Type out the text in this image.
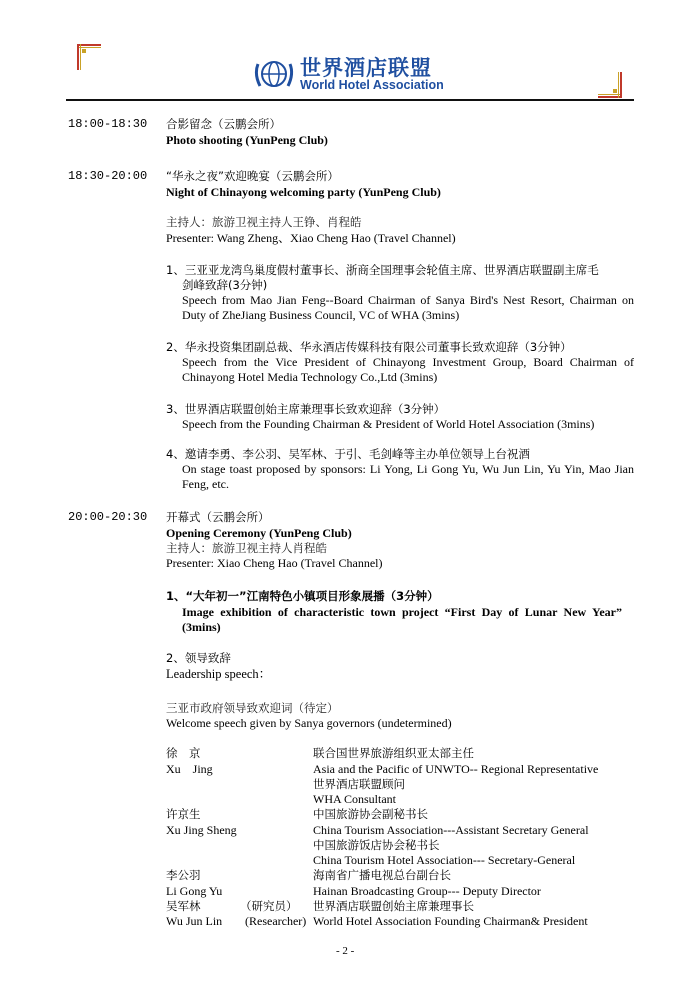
世界酒店联盟
World Hotel Association
18:00-18:30 合影留念（云鹏会所）
Photo shooting (YunPeng Club)
18:30-20:00 “华永之夜”欢迎晚宴（云鹏会所）
Night of Chinayong welcoming party (YunPeng Club)
主持人：旅游卫视主持人王铮、肖程皓
Presenter: Wang Zheng、Xiao Cheng Hao (Travel Channel)
1、三亚亚龙湾鸟巢度假村董事长、浙商全国理事会轮值主席、世界酒店联盟副主席毛
剑峰致辞(3分钟)
Speech from Mao Jian Feng--Board Chairman of Sanya Bird's Nest Resort, Chairman on Duty of ZheJiang Business Council, VC of WHA (3mins)
2、华永投资集团副总裁、华永酒店传媒科技有限公司董事长致欢迎辞（3分钟）
Speech from the Vice President of Chinayong Investment Group, Board Chairman of Chinayong Hotel Media Technology Co.,Ltd (3mins)
3、世界酒店联盟创始主席兼理事长致欢迎辞（3分钟）
Speech from the Founding Chairman & President of World Hotel Association (3mins)
4、邀请李勇、李公羽、吴军林、于引、毛剑峰等主办单位领导上台祝酒
On stage toast proposed by sponsors: Li Yong, Li Gong Yu, Wu Jun Lin, Yu Yin, Mao Jian Feng, etc.
20:00-20:30 开幕式（云鹏会所）
Opening Ceremony (YunPeng Club)
主持人：旅游卫视主持人肖程皓
Presenter: Xiao Cheng Hao (Travel Channel)
1、“大年初一”江南特色小镇项目形象展播（3分钟）
Image exhibition of characteristic town project “First Day of Lunar New Year” (3mins)
2、领导致辞
Leadership speech：
三亚市政府领导致欢迎词（待定）
Welcome speech given by Sanya governors (undetermined)
徐　京
Xu　Jing
联合国世界旅游组织亚太部主任
Asia and the Pacific of UNWTO-- Regional Representative
世界酒店联盟顾问
WHA Consultant
许京生
Xu Jing Sheng
中国旅游协会副秘书长
China Tourism Association---Assistant Secretary General
中国旅游饭店协会秘书长
China Tourism Hotel Association--- Secretary-General
李公羽
Li Gong Yu
海南省广播电视总台副台长
Hainan Broadcasting Group--- Deputy Director
吴军林	（研究员）
Wu Jun Lin (Researcher)
世界酒店联盟创始主席兼理事长
World Hotel Association Founding Chairman& President
- 2 -
